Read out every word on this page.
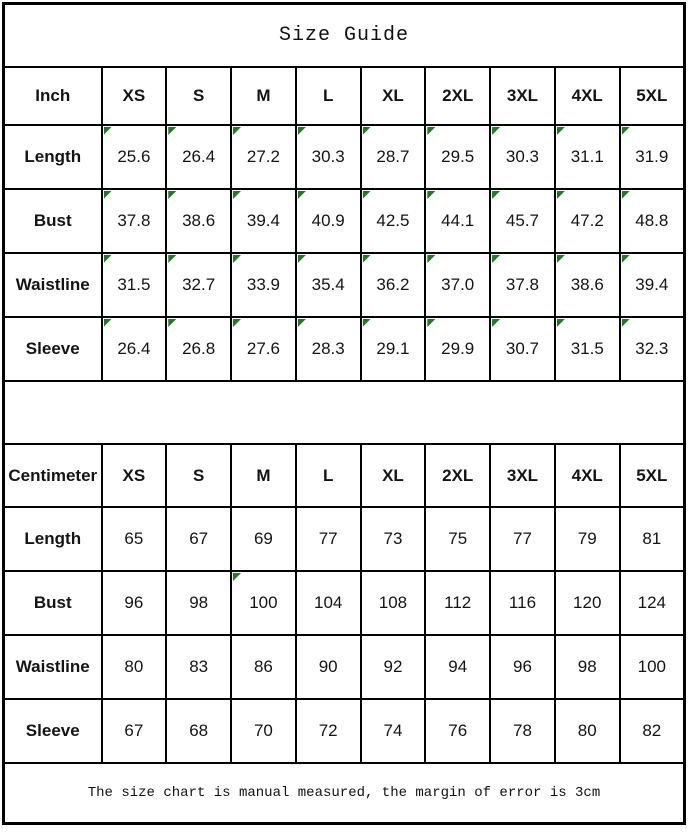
Size Guide									
Inch	XS	S	M	L	XL	2XL	3XL	4XL	5XL
Length	25.6	26.4	27.2	30.3	28.7	29.5	30.3	31.1	31.9
Bust	37.8	38.6	39.4	40.9	42.5	44.1	45.7	47.2	48.8
Waistline	31.5	32.7	33.9	35.4	36.2	37.0	37.8	38.6	39.4
Sleeve	26.4	26.8	27.6	28.3	29.1	29.9	30.7	31.5	32.3

Centimeter	XS	S	M	L	XL	2XL	3XL	4XL	5XL
Length	65	67	69	77	73	75	77	79	81
Bust	96	98	100	104	108	112	116	120	124
Waistline	80	83	86	90	92	94	96	98	100
Sleeve	67	68	70	72	74	76	78	80	82
The size chart is manual measured, the margin of error is 3cm									
